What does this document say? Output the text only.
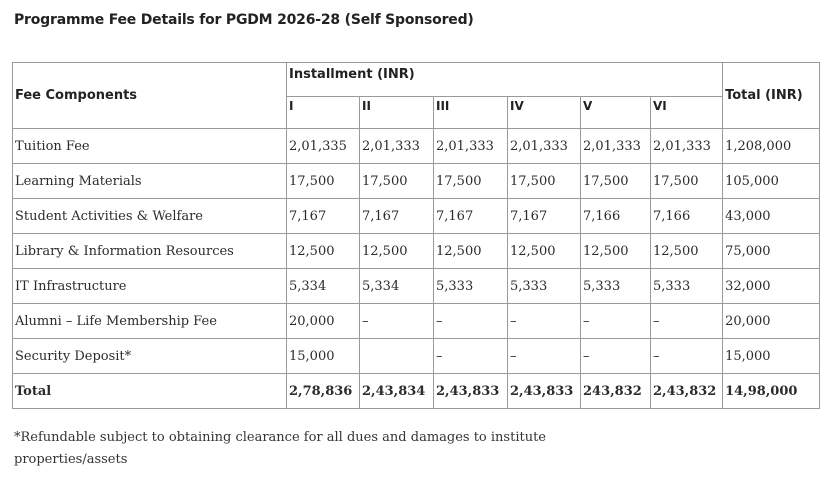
Programme Fee Details for PGDM 2026-28 (Self Sponsored)
Fee Components	Installment (INR)						Total (INR)
	I	II	III	IV	V	VI	
Tuition Fee	2,01,335	2,01,333	2,01,333	2,01,333	2,01,333	2,01,333	1,208,000
Learning Materials	17,500	17,500	17,500	17,500	17,500	17,500	105,000
Student Activities & Welfare	7,167	7,167	7,167	7,167	7,166	7,166	43,000
Library & Information Resources	12,500	12,500	12,500	12,500	12,500	12,500	75,000
IT Infrastructure	5,334	5,334	5,333	5,333	5,333	5,333	32,000
Alumni – Life Membership Fee	20,000	–	–	–	–	–	20,000
Security Deposit*	15,000		–	–	–	–	15,000
Total	2,78,836	2,43,834	2,43,833	2,43,833	243,832	2,43,832	14,98,000
*Refundable subject to obtaining clearance for all dues and damages to institute properties/assets
